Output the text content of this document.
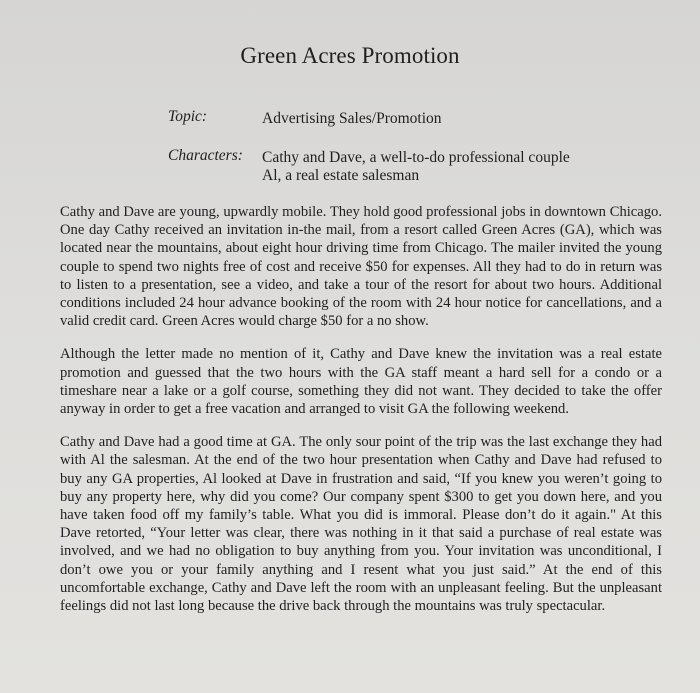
Green Acres Promotion
Topic:	Advertising Sales/Promotion
Characters: Cathy and Dave, a well-to-do professional couple
Al, a real estate salesman

Cathy and Dave are young, upwardly mobile. They hold good professional jobs in downtown Chicago. One day Cathy received an invitation in-the mail, from a resort called Green Acres (GA), which was located near the mountains, about eight hour driving time from Chicago. The mailer invited the young couple to spend two nights free of cost and receive $50 for expenses. All they had to do in return was to listen to a presentation, see a video, and take a tour of the resort for about two hours. Additional conditions included 24 hour advance booking of the room with 24 hour notice for cancellations, and a valid credit card. Green Acres would charge $50 for a no show.

Although the letter made no mention of it, Cathy and Dave knew the invitation was a real estate promotion and guessed that the two hours with the GA staff meant a hard sell for a condo or a timeshare near a lake or a golf course, something they did not want. They decided to take the offer anyway in order to get a free vacation and arranged to visit GA the following weekend.

Cathy and Dave had a good time at GA. The only sour point of the trip was the last exchange they had with Al the salesman. At the end of the two hour presentation when Cathy and Dave had refused to buy any GA properties, Al looked at Dave in frustration and said, “If you knew you weren’t going to buy any property here, why did you come? Our company spent $300 to get you down here, and you have taken food off my family’s table. What you did is immoral. Please don’t do it again." At this Dave retorted, “Your letter was clear, there was nothing in it that said a purchase of real estate was involved, and we had no obligation to buy anything from you. Your invitation was unconditional, I don’t owe you or your family anything and I resent what you just said.” At the end of this uncomfortable exchange, Cathy and Dave left the room with an unpleasant feeling. But the unpleasant feelings did not last long because the drive back through the mountains was truly spectacular.
